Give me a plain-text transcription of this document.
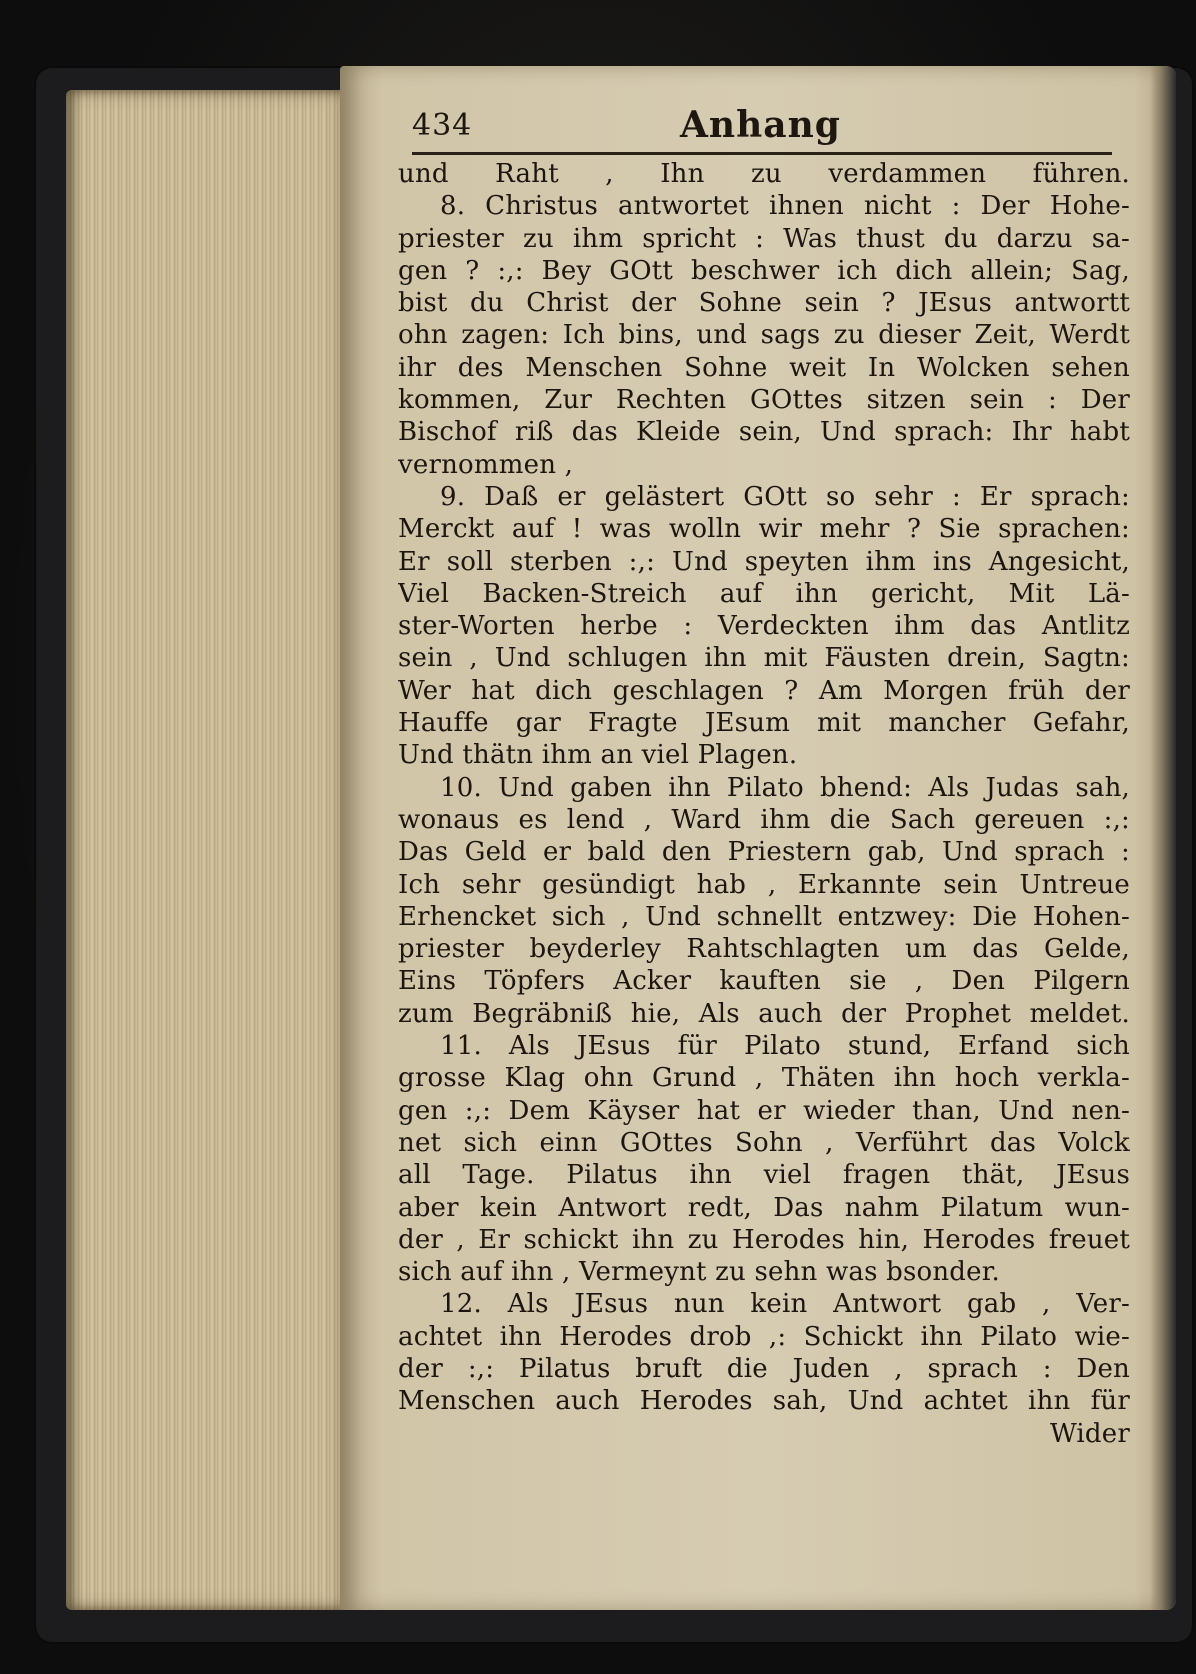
434	Anhang
und Raht , Ihn zu verdammen führen.
8. Christus antwortet ihnen nicht : Der Hohe-
priester zu ihm spricht : Was thust du darzu sa-
gen ? :,: Bey GOtt beschwer ich dich allein; Sag,
bist du Christ der Sohne sein ? JEsus antwortt
ohn zagen: Ich bins, und sags zu dieser Zeit, Werdt
ihr des Menschen Sohne weit In Wolcken sehen
kommen, Zur Rechten GOttes sitzen sein : Der
Bischof riß das Kleide sein, Und sprach: Ihr habt
vernommen ,
9. Daß er gelästert GOtt so sehr : Er sprach:
Merckt auf ! was wolln wir mehr ? Sie sprachen:
Er soll sterben :,: Und speyten ihm ins Angesicht,
Viel Backen-Streich auf ihn gericht, Mit Lä-
ster-Worten herbe : Verdeckten ihm das Antlitz
sein , Und schlugen ihn mit Fäusten drein, Sagtn:
Wer hat dich geschlagen ? Am Morgen früh der
Hauffe gar Fragte JEsum mit mancher Gefahr,
Und thätn ihm an viel Plagen.
10. Und gaben ihn Pilato bhend: Als Judas sah,
wonaus es lend , Ward ihm die Sach gereuen :,:
Das Geld er bald den Priestern gab, Und sprach :
Ich sehr gesündigt hab , Erkannte sein Untreue
Erhencket sich , Und schnellt entzwey: Die Hohen-
priester beyderley Rahtschlagten um das Gelde,
Eins Töpfers Acker kauften sie , Den Pilgern
zum Begräbniß hie, Als auch der Prophet meldet.
11. Als JEsus für Pilato stund, Erfand sich
grosse Klag ohn Grund , Thäten ihn hoch verkla-
gen :,: Dem Käyser hat er wieder than, Und nen-
net sich einn GOttes Sohn , Verführt das Volck
all Tage. Pilatus ihn viel fragen thät, JEsus
aber kein Antwort redt, Das nahm Pilatum wun-
der , Er schickt ihn zu Herodes hin, Herodes freuet
sich auf ihn , Vermeynt zu sehn was bsonder.
12. Als JEsus nun kein Antwort gab , Ver-
achtet ihn Herodes drob ,: Schickt ihn Pilato wie-
der :,: Pilatus bruft die Juden , sprach : Den
Menschen auch Herodes sah, Und achtet ihn für
Wider
